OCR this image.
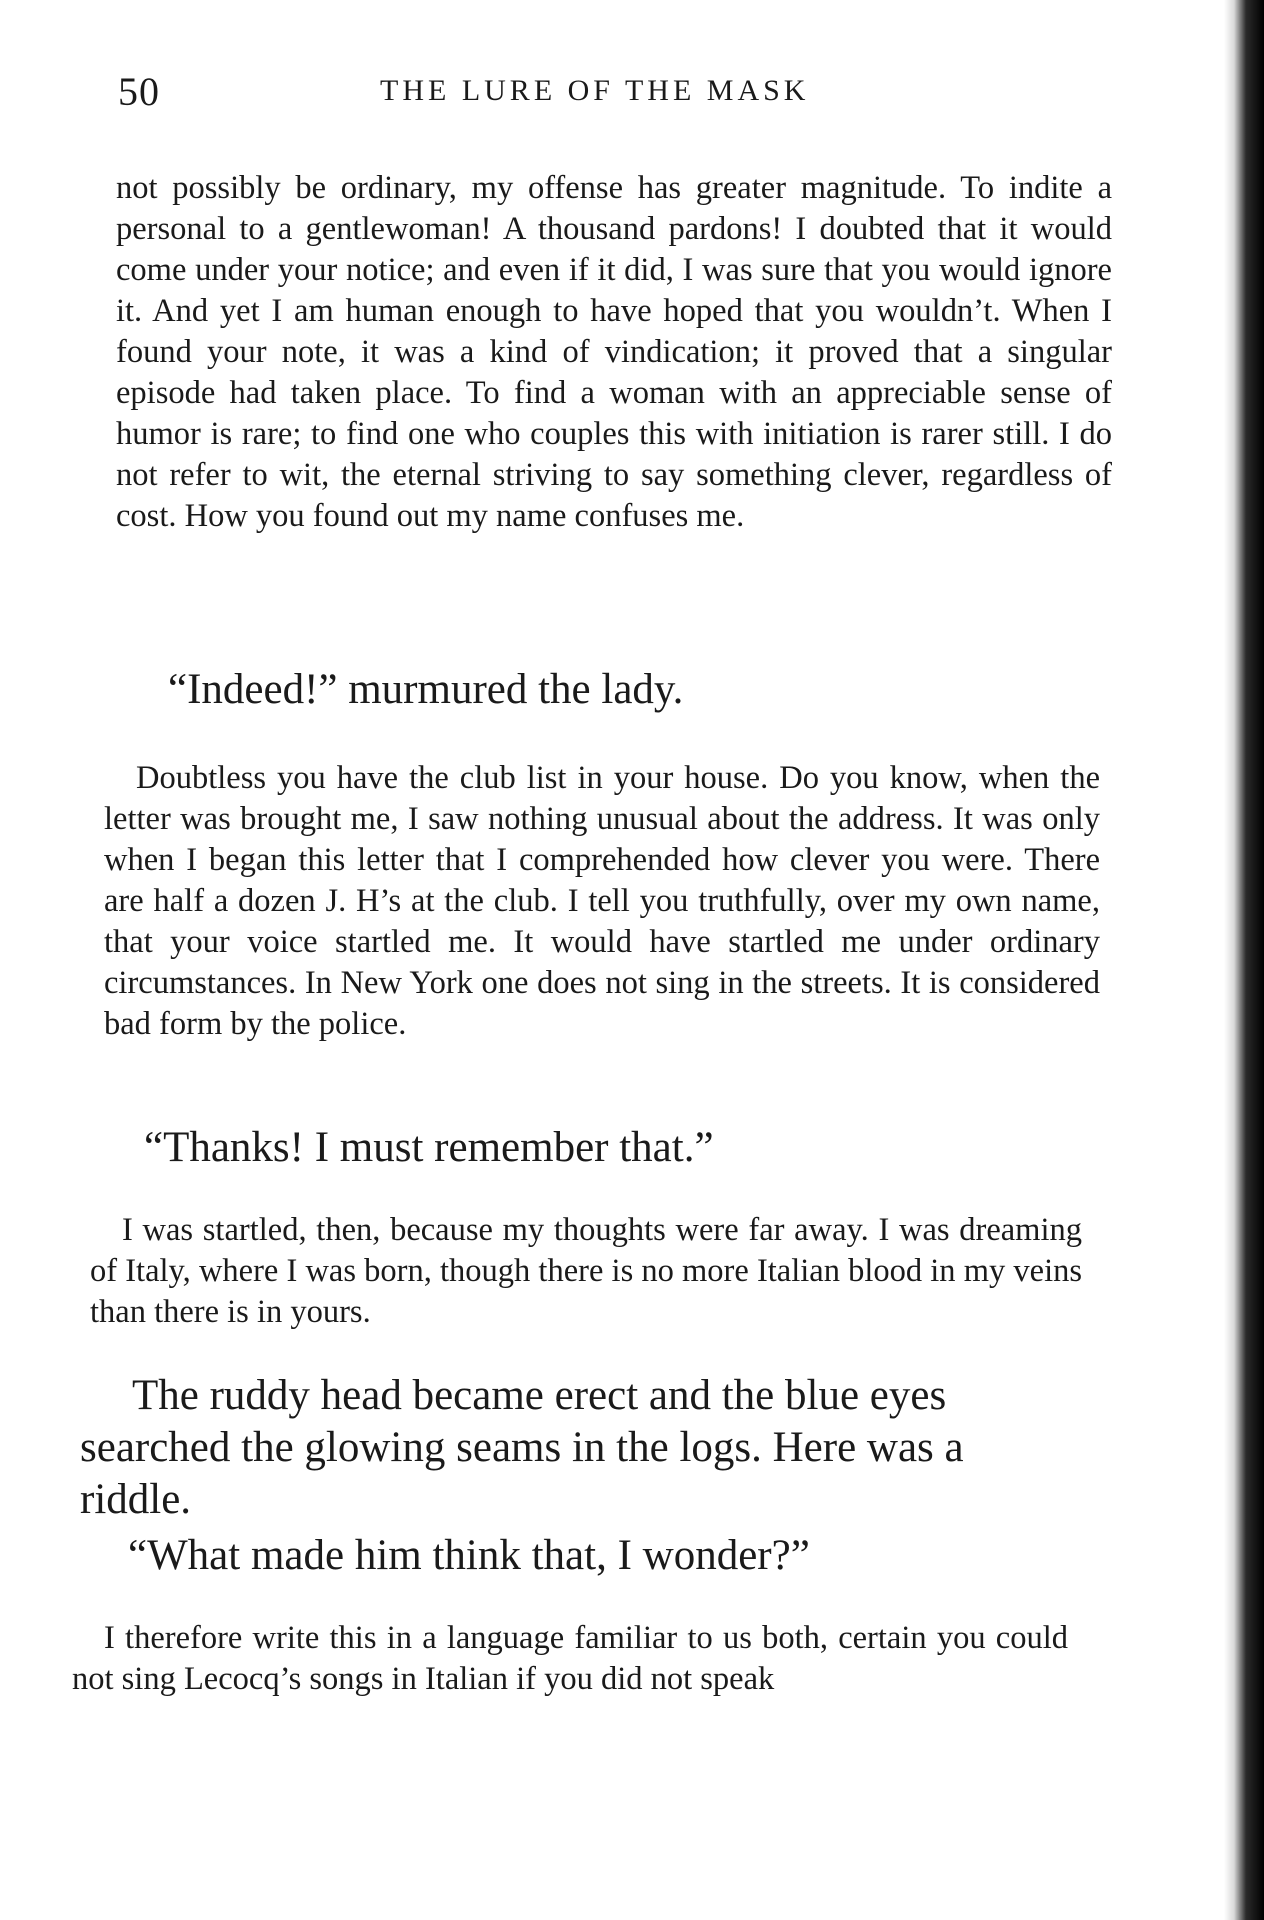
50	THE LURE OF THE MASK

not possibly be ordinary, my offense has greater magnitude. To indite a personal to a gentlewoman! A thousand pardons! I doubted that it would come under your notice; and even if it did, I was sure that you would ignore it. And yet I am human enough to have hoped that you wouldn’t. When I found your note, it was a kind of vindication; it proved that a singular episode had taken place. To find a woman with an appreciable sense of humor is rare; to find one who couples this with initiation is rarer still. I do not refer to wit, the eternal striving to say something clever, regardless of cost. How you found out my name confuses me.

“Indeed!” murmured the lady.

Doubtless you have the club list in your house. Do you know, when the letter was brought me, I saw nothing unusual about the address. It was only when I began this letter that I comprehended how clever you were. There are half a dozen J. H’s at the club. I tell you truthfully, over my own name, that your voice startled me. It would have startled me under ordinary circumstances. In New York one does not sing in the streets. It is considered bad form by the police.

“Thanks! I must remember that.”

I was startled, then, because my thoughts were far away. I was dreaming of Italy, where I was born, though there is no more Italian blood in my veins than there is in yours.

The ruddy head became erect and the blue eyes searched the glowing seams in the logs. Here was a riddle.

“What made him think that, I wonder?”

I therefore write this in a language familiar to us both, certain you could not sing Lecocq’s songs in Italian if you did not speak
